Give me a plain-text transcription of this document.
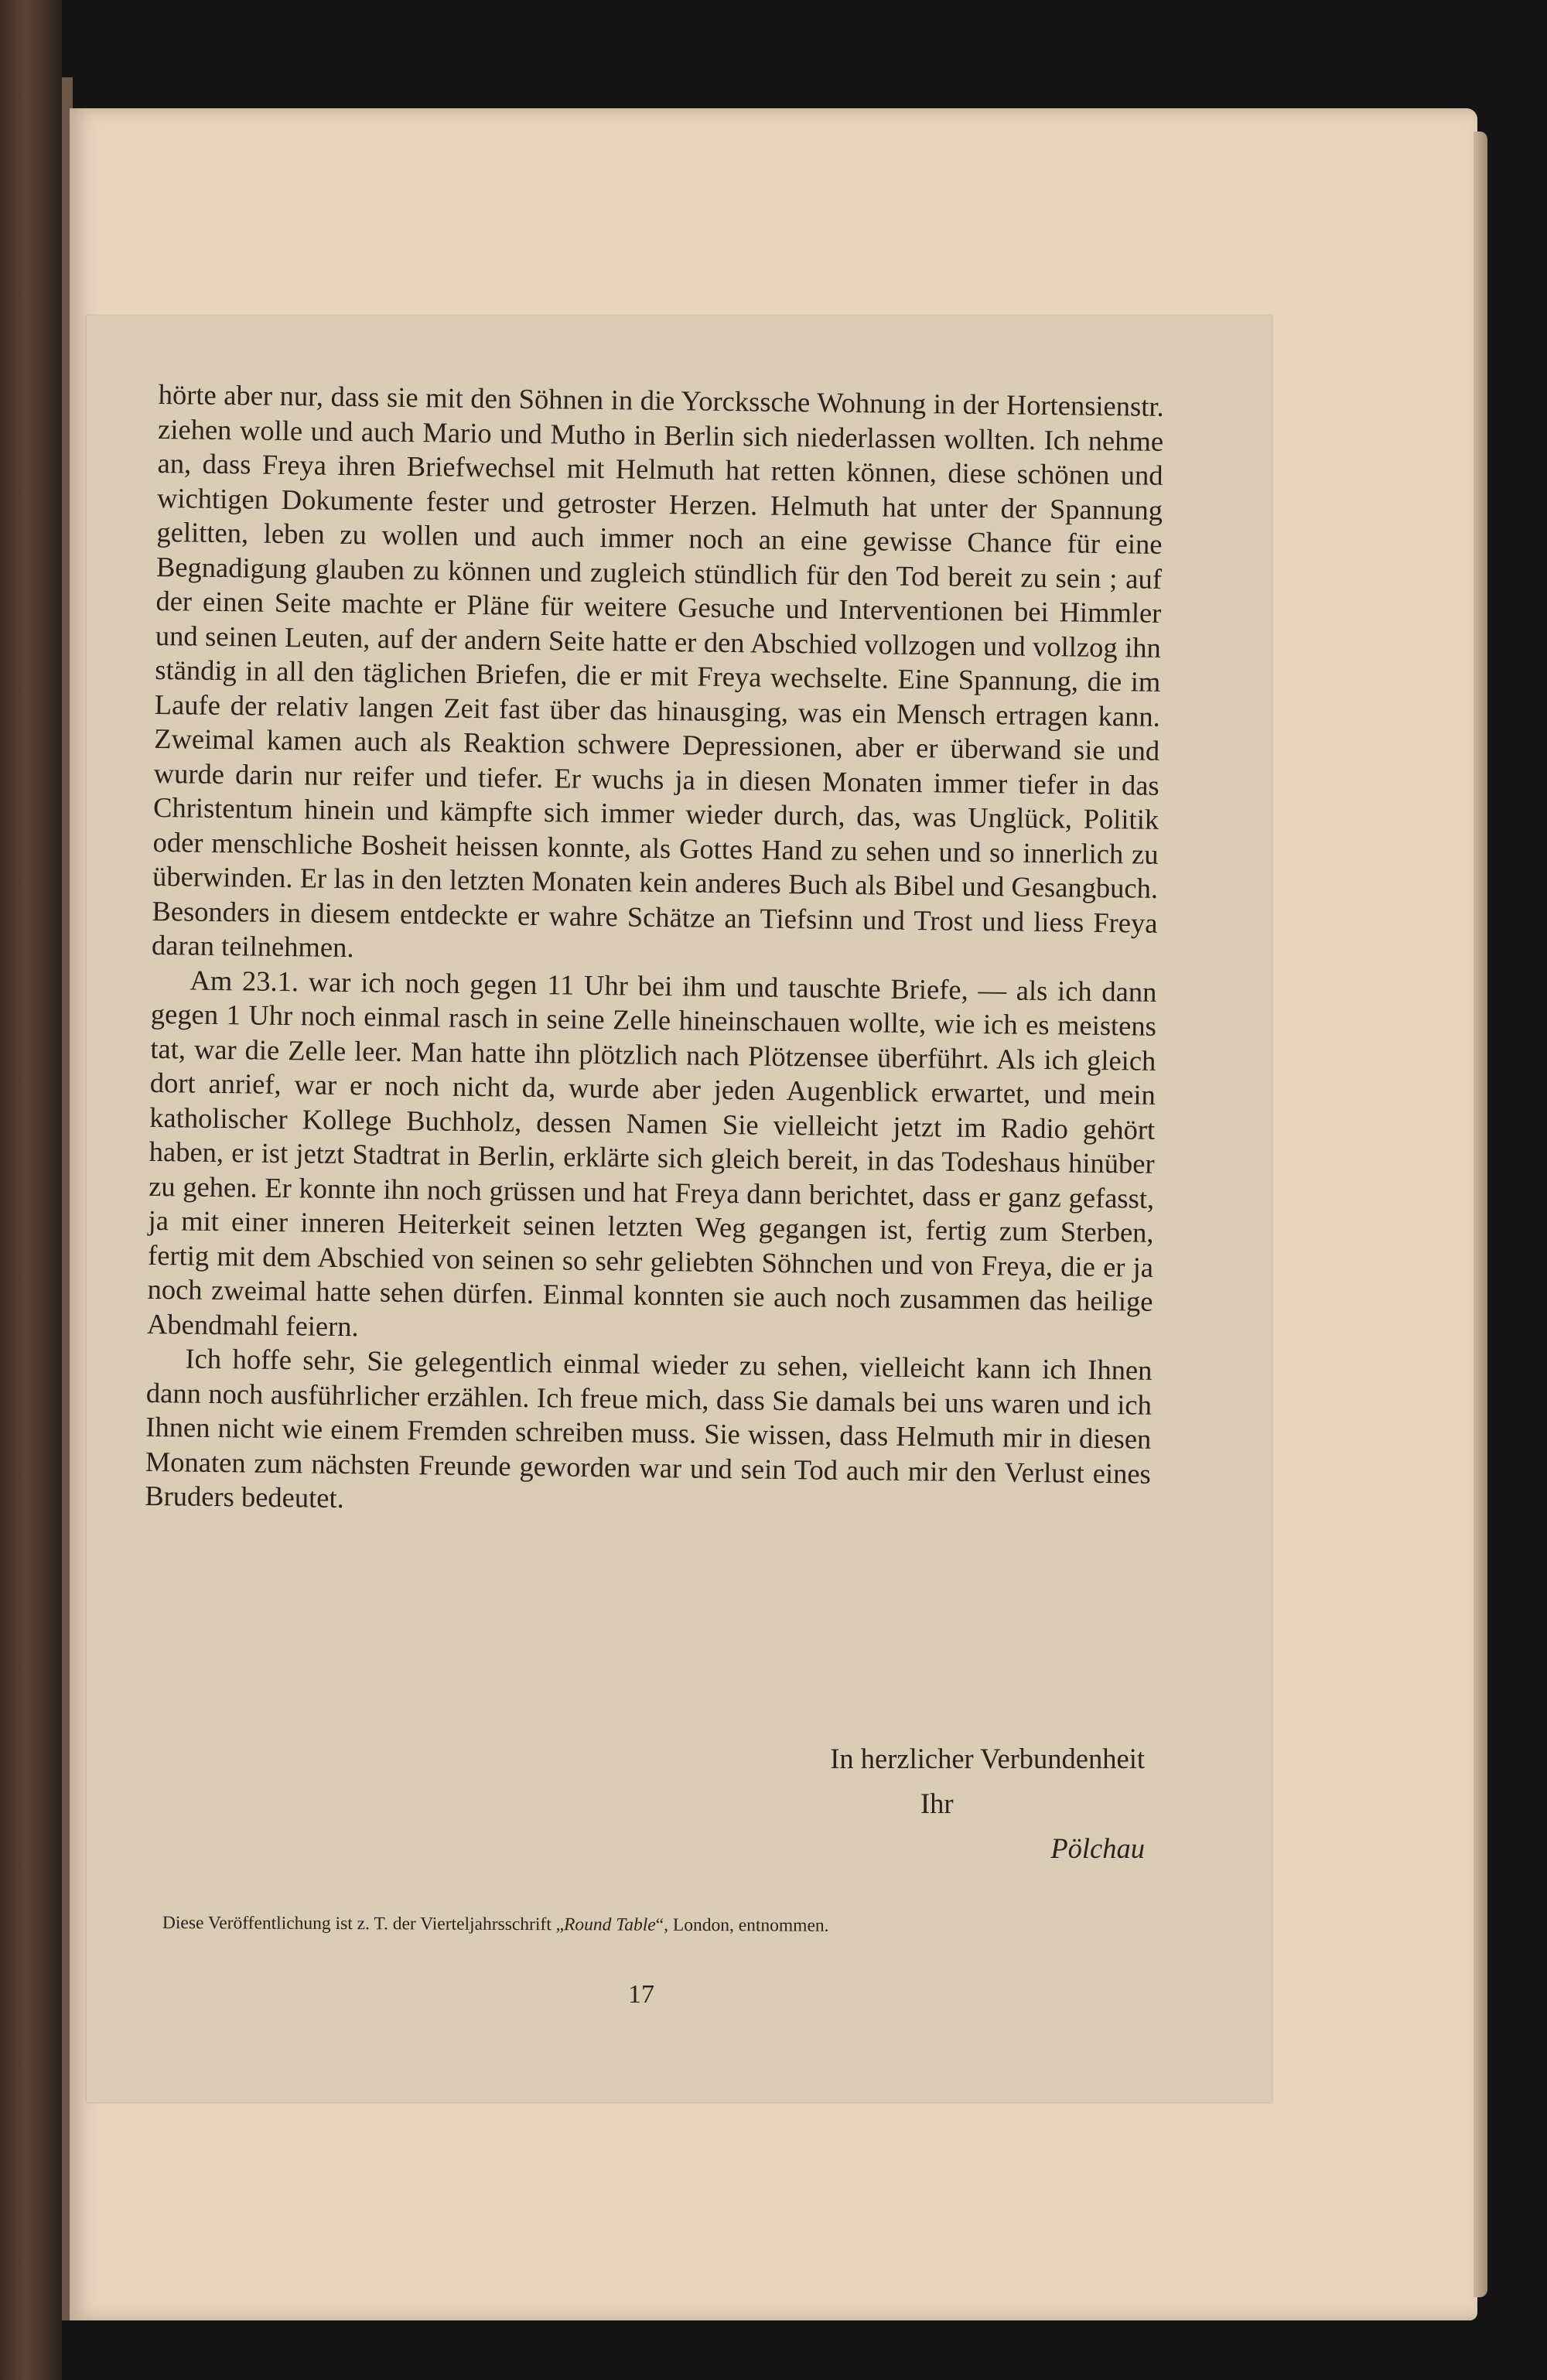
hörte aber nur, dass sie mit den Söhnen in die Yorckssche Wohnung in der Hortensienstr. ziehen wolle und auch Mario und Mutho in Berlin sich niederlassen wollten. Ich nehme an, dass Freya ihren Briefwechsel mit Helmuth hat retten können, diese schönen und wichtigen Dokumente fester und getroster Herzen. Helmuth hat unter der Spannung gelitten, leben zu wollen und auch immer noch an eine gewisse Chance für eine Begnadigung glauben zu können und zugleich stündlich für den Tod bereit zu sein ; auf der einen Seite machte er Pläne für weitere Gesuche und Interventionen bei Himmler und seinen Leuten, auf der andern Seite hatte er den Abschied vollzogen und vollzog ihn ständig in all den täglichen Briefen, die er mit Freya wechselte. Eine Spannung, die im Laufe der relativ langen Zeit fast über das hinausging, was ein Mensch ertragen kann. Zweimal kamen auch als Reaktion schwere Depressionen, aber er überwand sie und wurde darin nur reifer und tiefer. Er wuchs ja in diesen Monaten immer tiefer in das Christentum hinein und kämpfte sich immer wieder durch, das, was Unglück, Politik oder menschliche Bosheit heissen konnte, als Gottes Hand zu sehen und so innerlich zu überwinden. Er las in den letzten Monaten kein anderes Buch als Bibel und Gesangbuch. Besonders in diesem entdeckte er wahre Schätze an Tiefsinn und Trost und liess Freya daran teilnehmen.

Am 23.1. war ich noch gegen 11 Uhr bei ihm und tauschte Briefe, — als ich dann gegen 1 Uhr noch einmal rasch in seine Zelle hineinschauen wollte, wie ich es meistens tat, war die Zelle leer. Man hatte ihn plötzlich nach Plötzensee überführt. Als ich gleich dort anrief, war er noch nicht da, wurde aber jeden Augenblick erwartet, und mein katholischer Kollege Buchholz, dessen Namen Sie vielleicht jetzt im Radio gehört haben, er ist jetzt Stadtrat in Berlin, erklärte sich gleich bereit, in das Todeshaus hinüber zu gehen. Er konnte ihn noch grüssen und hat Freya dann berichtet, dass er ganz gefasst, ja mit einer inneren Heiterkeit seinen letzten Weg gegangen ist, fertig zum Sterben, fertig mit dem Abschied von seinen so sehr geliebten Söhnchen und von Freya, die er ja noch zweimal hatte sehen dürfen. Einmal konnten sie auch noch zusammen das heilige Abendmahl feiern.

Ich hoffe sehr, Sie gelegentlich einmal wieder zu sehen, vielleicht kann ich Ihnen dann noch ausführlicher erzählen. Ich freue mich, dass Sie damals bei uns waren und ich Ihnen nicht wie einem Fremden schreiben muss. Sie wissen, dass Helmuth mir in diesen Monaten zum nächsten Freunde geworden war und sein Tod auch mir den Verlust eines Bruders bedeutet.

In herzlicher Verbundenheit
Ihr
Pölchau
Diese Veröffentlichung ist z. T. der Vierteljahrsschrift „Round Table“, London, entnommen.
17
